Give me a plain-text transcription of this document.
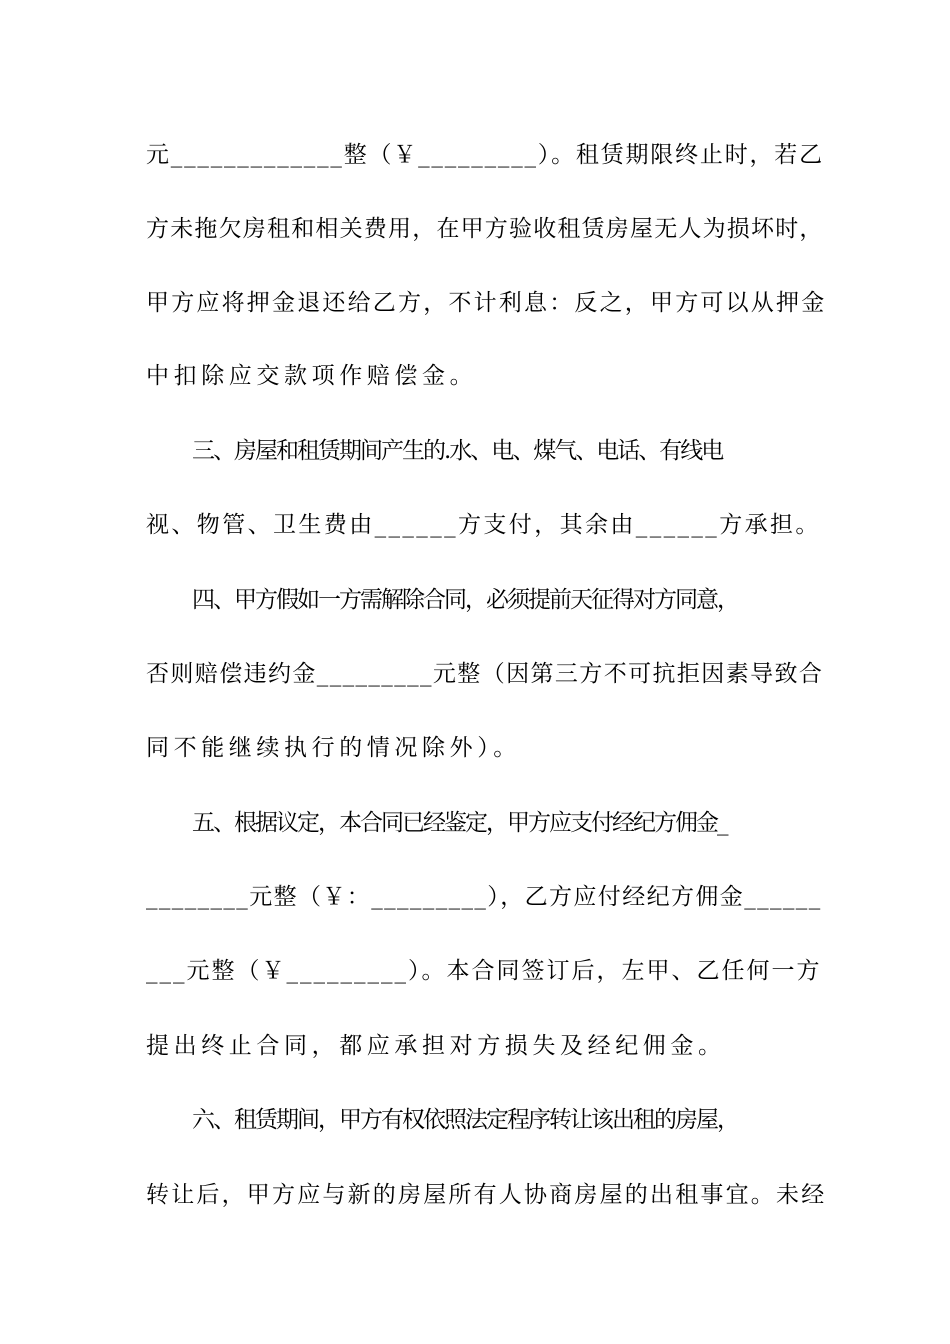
元_____________整（￥_________）。租赁期限终止时，若乙
方未拖欠房租和相关费用，在甲方验收租赁房屋无人为损坏时，
甲方应将押金退还给乙方，不计利息：反之，甲方可以从押金
中扣除应交款项作赔偿金。
三、房屋和租赁期间产生的.水、电、煤气、电话、有线电
视、物管、卫生费由______方支付，其余由______方承担。
四、甲方假如一方需解除合同，必须提前天征得对方同意，
否则赔偿违约金_________元整（因第三方不可抗拒因素导致合
同不能继续执行的情况除外）。
五、根据议定，本合同已经鉴定，甲方应支付经纪方佣金_
________元整（￥：_________），乙方应付经纪方佣金______
___元整（￥_________）。本合同签订后，左甲、乙任何一方
提出终止合同，都应承担对方损失及经纪佣金。
六、租赁期间，甲方有权依照法定程序转让该出租的房屋，
转让后，甲方应与新的房屋所有人协商房屋的出租事宜。未经
